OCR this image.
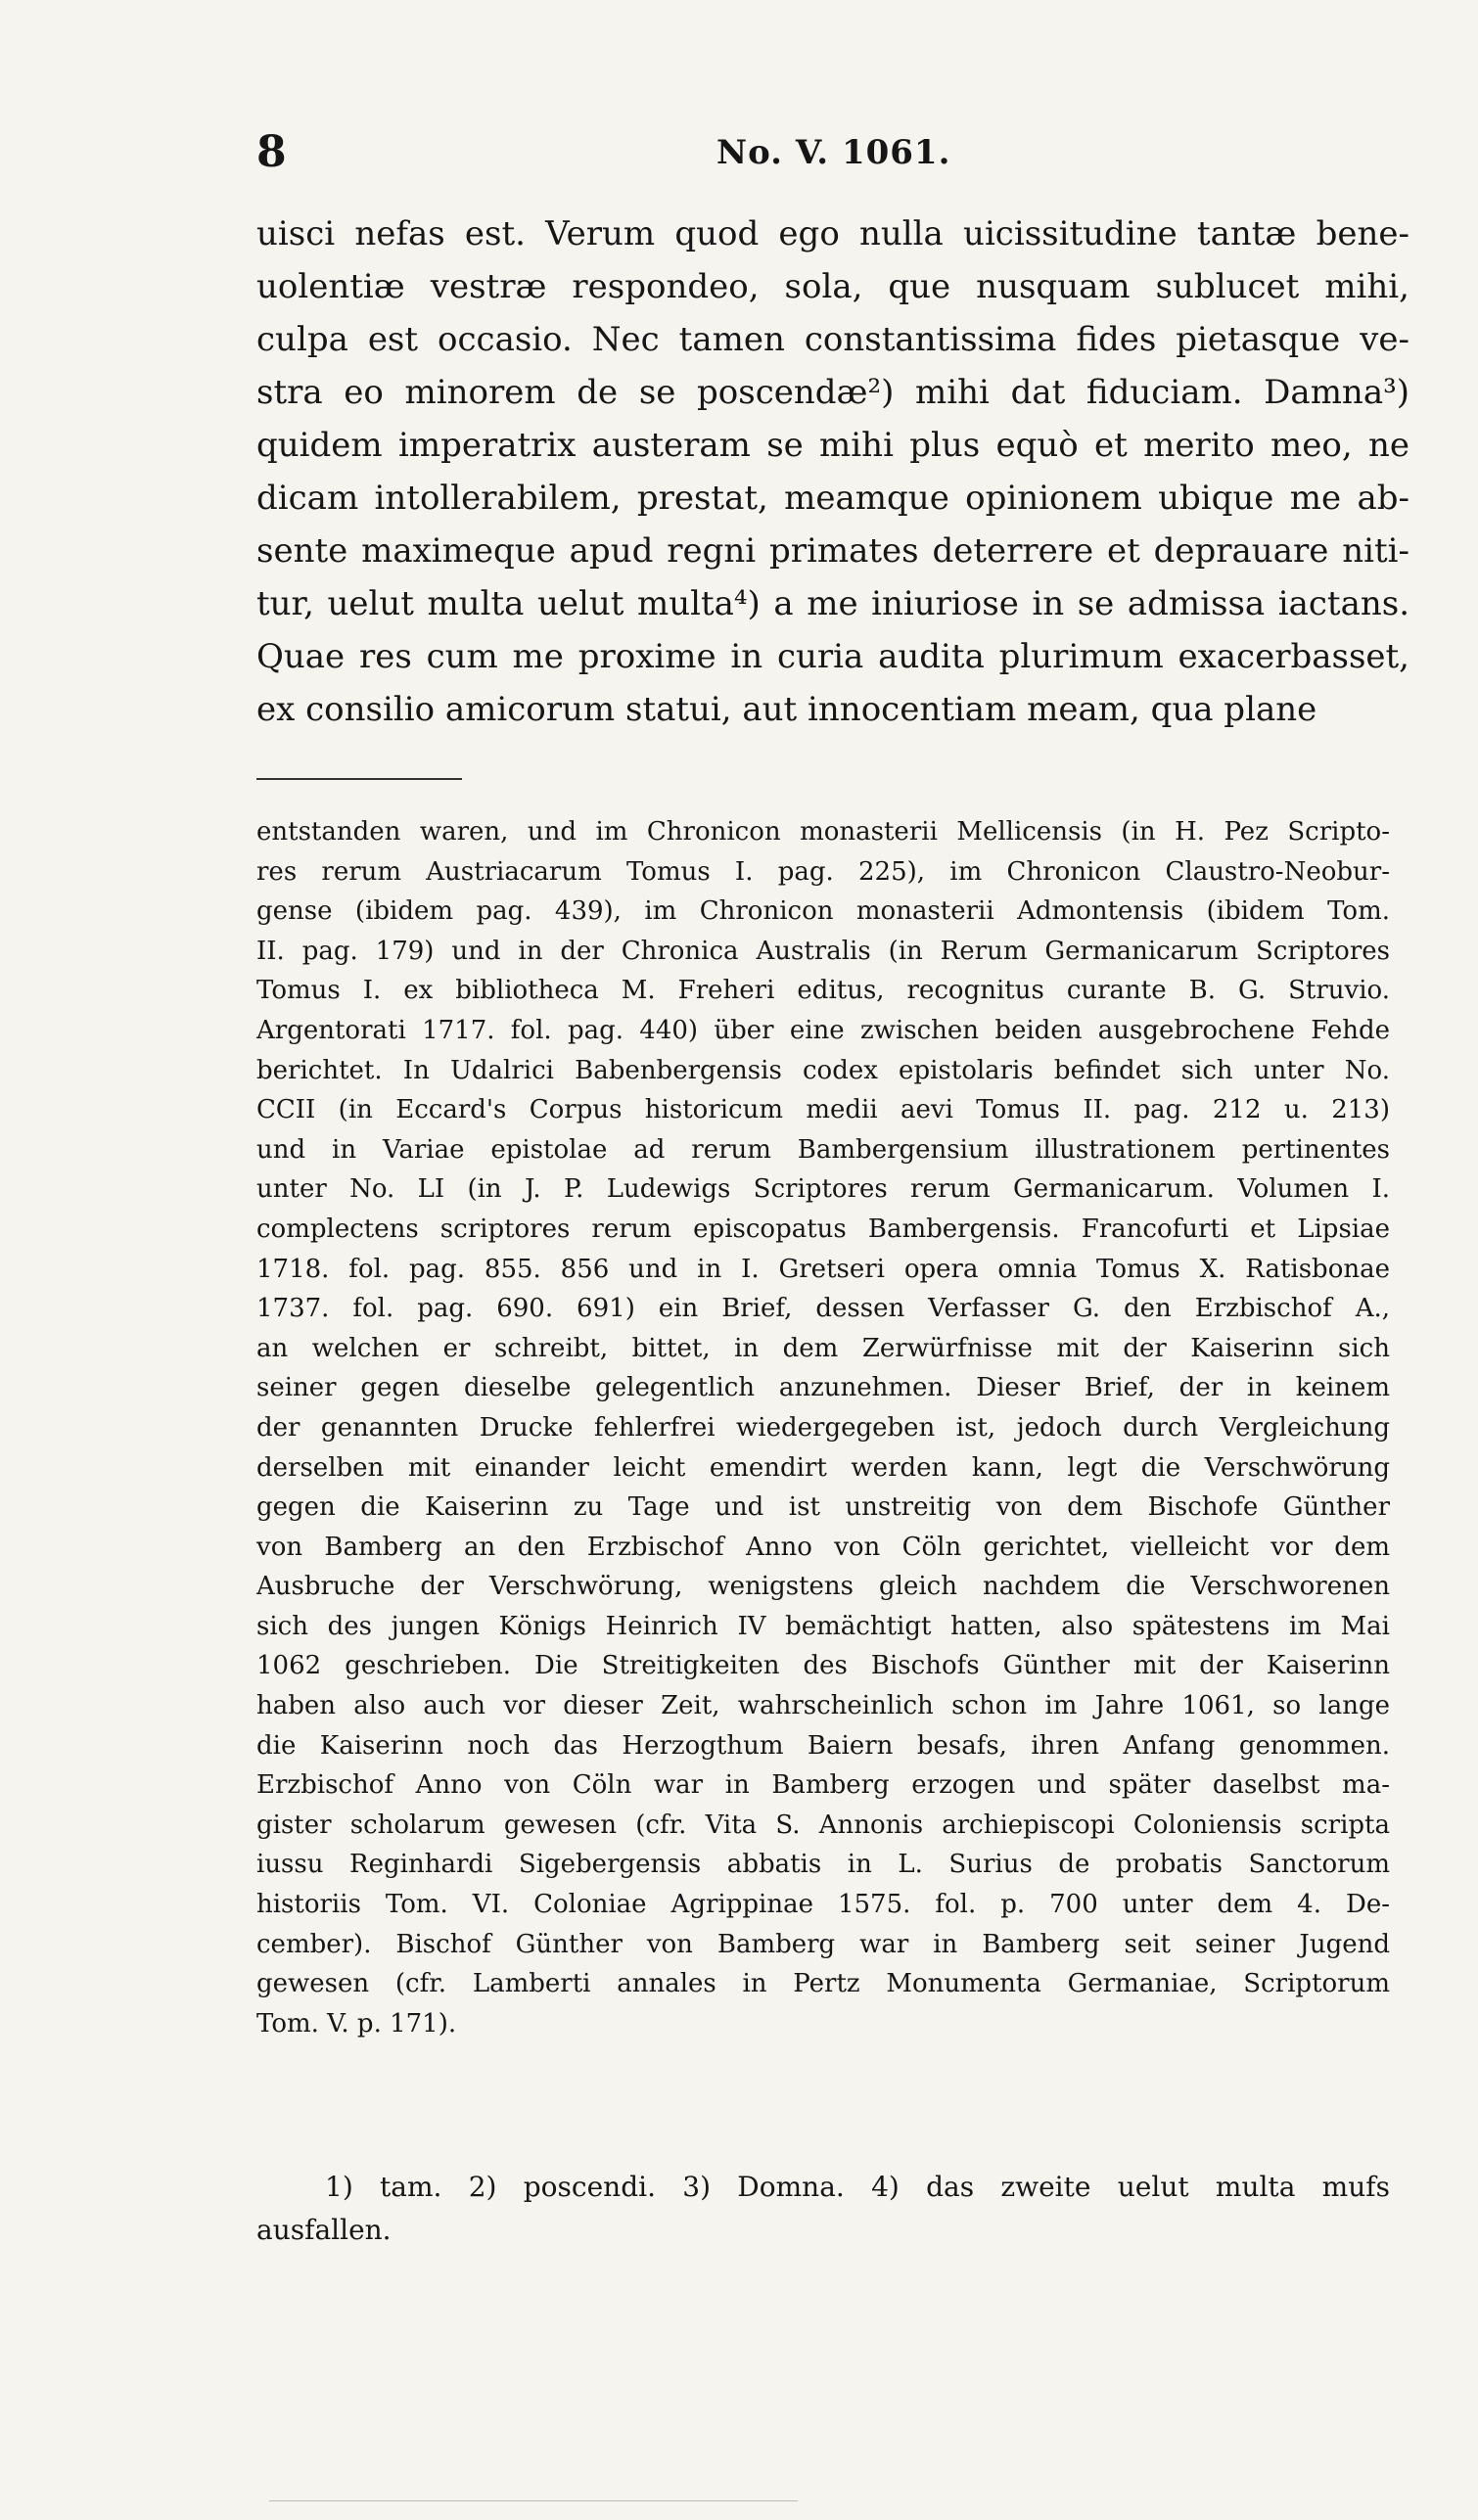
8	No. V. 1061.
uisci nefas est. Verum quod ego nulla uicissitudine tantæ bene-
uolentiæ vestræ respondeo, sola, que nusquam sublucet mihi,
culpa est occasio. Nec tamen constantissima fides pietasque ve-
stra eo minorem de se poscendæ²) mihi dat fiduciam. Damna³)
quidem imperatrix austeram se mihi plus equò et merito meo, ne
dicam intollerabilem, prestat, meamque opinionem ubique me ab-
sente maximeque apud regni primates deterrere et deprauare niti-
tur, uelut multa uelut multa⁴) a me iniuriose in se admissa iactans.
Quae res cum me proxime in curia audita plurimum exacerbasset,
ex consilio amicorum statui, aut innocentiam meam, qua plane
entstanden waren, und im Chronicon monasterii Mellicensis (in H. Pez Scripto-
res rerum Austriacarum Tomus I. pag. 225), im Chronicon Claustro-Neobur-
gense (ibidem pag. 439), im Chronicon monasterii Admontensis (ibidem Tom.
II. pag. 179) und in der Chronica Australis (in Rerum Germanicarum Scriptores
Tomus I. ex bibliotheca M. Freheri editus, recognitus curante B. G. Struvio.
Argentorati 1717. fol. pag. 440) über eine zwischen beiden ausgebrochene Fehde
berichtet. In Udalrici Babenbergensis codex epistolaris befindet sich unter No.
CCII (in Eccard's Corpus historicum medii aevi Tomus II. pag. 212 u. 213)
und in Variae epistolae ad rerum Bambergensium illustrationem pertinentes
unter No. LI (in J. P. Ludewigs Scriptores rerum Germanicarum. Volumen I.
complectens scriptores rerum episcopatus Bambergensis. Francofurti et Lipsiae
1718. fol. pag. 855. 856 und in I. Gretseri opera omnia Tomus X. Ratisbonae
1737. fol. pag. 690. 691) ein Brief, dessen Verfasser G. den Erzbischof A.,
an welchen er schreibt, bittet, in dem Zerwürfnisse mit der Kaiserinn sich
seiner gegen dieselbe gelegentlich anzunehmen. Dieser Brief, der in keinem
der genannten Drucke fehlerfrei wiedergegeben ist, jedoch durch Vergleichung
derselben mit einander leicht emendirt werden kann, legt die Verschwörung
gegen die Kaiserinn zu Tage und ist unstreitig von dem Bischofe Günther
von Bamberg an den Erzbischof Anno von Cöln gerichtet, vielleicht vor dem
Ausbruche der Verschwörung, wenigstens gleich nachdem die Verschworenen
sich des jungen Königs Heinrich IV bemächtigt hatten, also spätestens im Mai
1062 geschrieben. Die Streitigkeiten des Bischofs Günther mit der Kaiserinn
haben also auch vor dieser Zeit, wahrscheinlich schon im Jahre 1061, so lange
die Kaiserinn noch das Herzogthum Baiern besafs, ihren Anfang genommen.
Erzbischof Anno von Cöln war in Bamberg erzogen und später daselbst ma-
gister scholarum gewesen (cfr. Vita S. Annonis archiepiscopi Coloniensis scripta
iussu Reginhardi Sigebergensis abbatis in L. Surius de probatis Sanctorum
historiis Tom. VI. Coloniae Agrippinae 1575. fol. p. 700 unter dem 4. De-
cember). Bischof Günther von Bamberg war in Bamberg seit seiner Jugend
gewesen (cfr. Lamberti annales in Pertz Monumenta Germaniae, Scriptorum
Tom. V. p. 171).
1) tam. 2) poscendi. 3) Domna. 4) das zweite uelut multa mufs
ausfallen.
